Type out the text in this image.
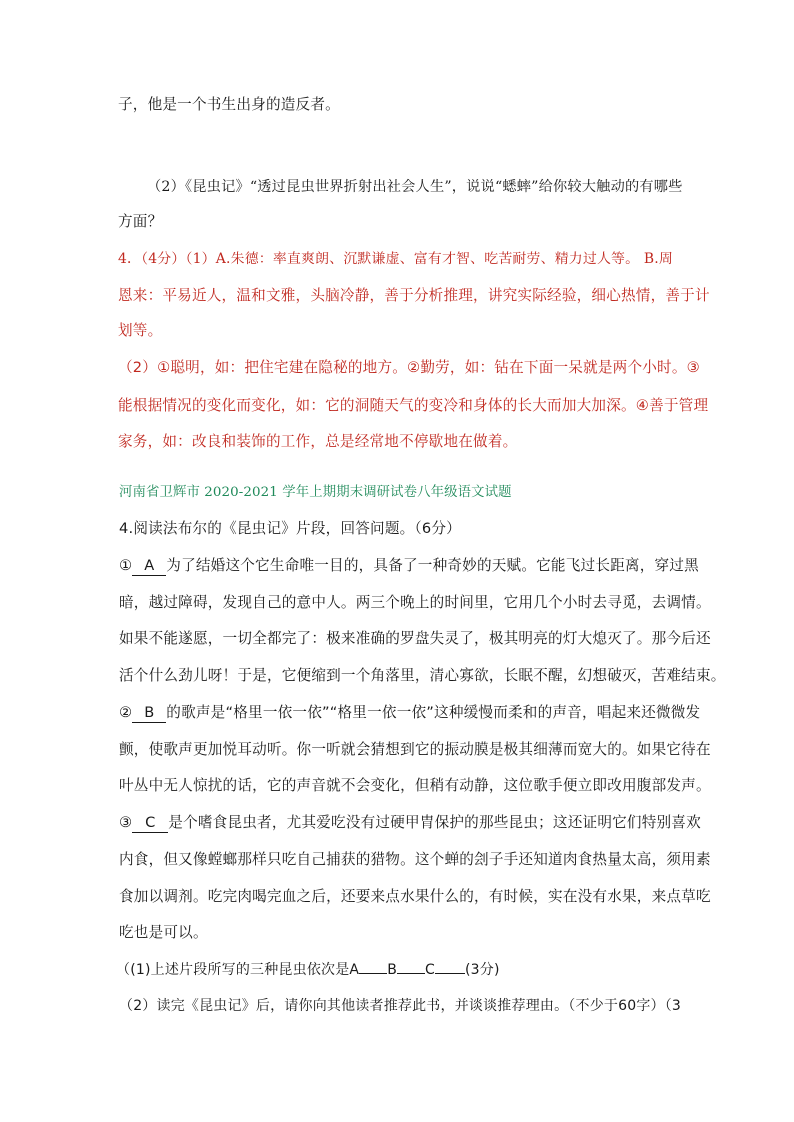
子，他是一个书生出身的造反者。
（2）《昆虫记》“透过昆虫世界折射出社会人生”，说说“蟋蟀”给你较大触动的有哪些
方面？
4．（4分）（1）A.朱德：率直爽朗、沉默谦虚、富有才智、吃苦耐劳、精力过人等。 B.周
恩来：平易近人，温和文雅，头脑冷静，善于分析推理，讲究实际经验，细心热情，善于计
划等。
（2）①聪明，如：把住宅建在隐秘的地方。②勤劳，如：钻在下面一呆就是两个小时。③
能根据情况的变化而变化，如：它的洞随天气的变冷和身体的长大而加大加深。④善于管理
家务，如：改良和装饰的工作，总是经常地不停歇地在做着。
河南省卫辉市 2020-2021 学年上期期末调研试卷八年级语文试题
4.阅读法布尔的《昆虫记》片段，回答问题。（6分）
① A 为了结婚这个它生命唯一目的，具备了一种奇妙的天赋。它能飞过长距离，穿过黑
暗，越过障碍，发现自己的意中人。两三个晚上的时间里，它用几个小时去寻觅，去调情。
如果不能遂愿，一切全都完了：极来准确的罗盘失灵了，极其明亮的灯大熄灭了。那今后还
活个什么劲儿呀！于是，它便缩到一个角落里，清心寡欲，长眠不醒，幻想破灭，苦难结束。
② B 的歌声是“格里一依一依”“格里一依一依”这种缓慢而柔和的声音，唱起来还微微发
颤，使歌声更加悦耳动听。你一听就会猜想到它的振动膜是极其细薄而宽大的。如果它待在
叶丛中无人惊扰的话，它的声音就不会变化，但稍有动静，这位歌手便立即改用腹部发声。
③ C 是个嗜食昆虫者，尤其爱吃没有过硬甲胄保护的那些昆虫；这还证明它们特别喜欢
内食，但又像螳螂那样只吃自己捕获的猎物。这个蝉的刽子手还知道肉食热量太高，须用素
食加以调剂。吃完肉喝完血之后，还要来点水果什么的，有时候，实在没有水果，来点草吃
吃也是可以。
（(1)上述片段所写的三种昆虫依次是A B C (3分)
（2）读完《昆虫记》后，请你向其他读者推荐此书，并谈谈推荐理由。（不少于60字）（3
